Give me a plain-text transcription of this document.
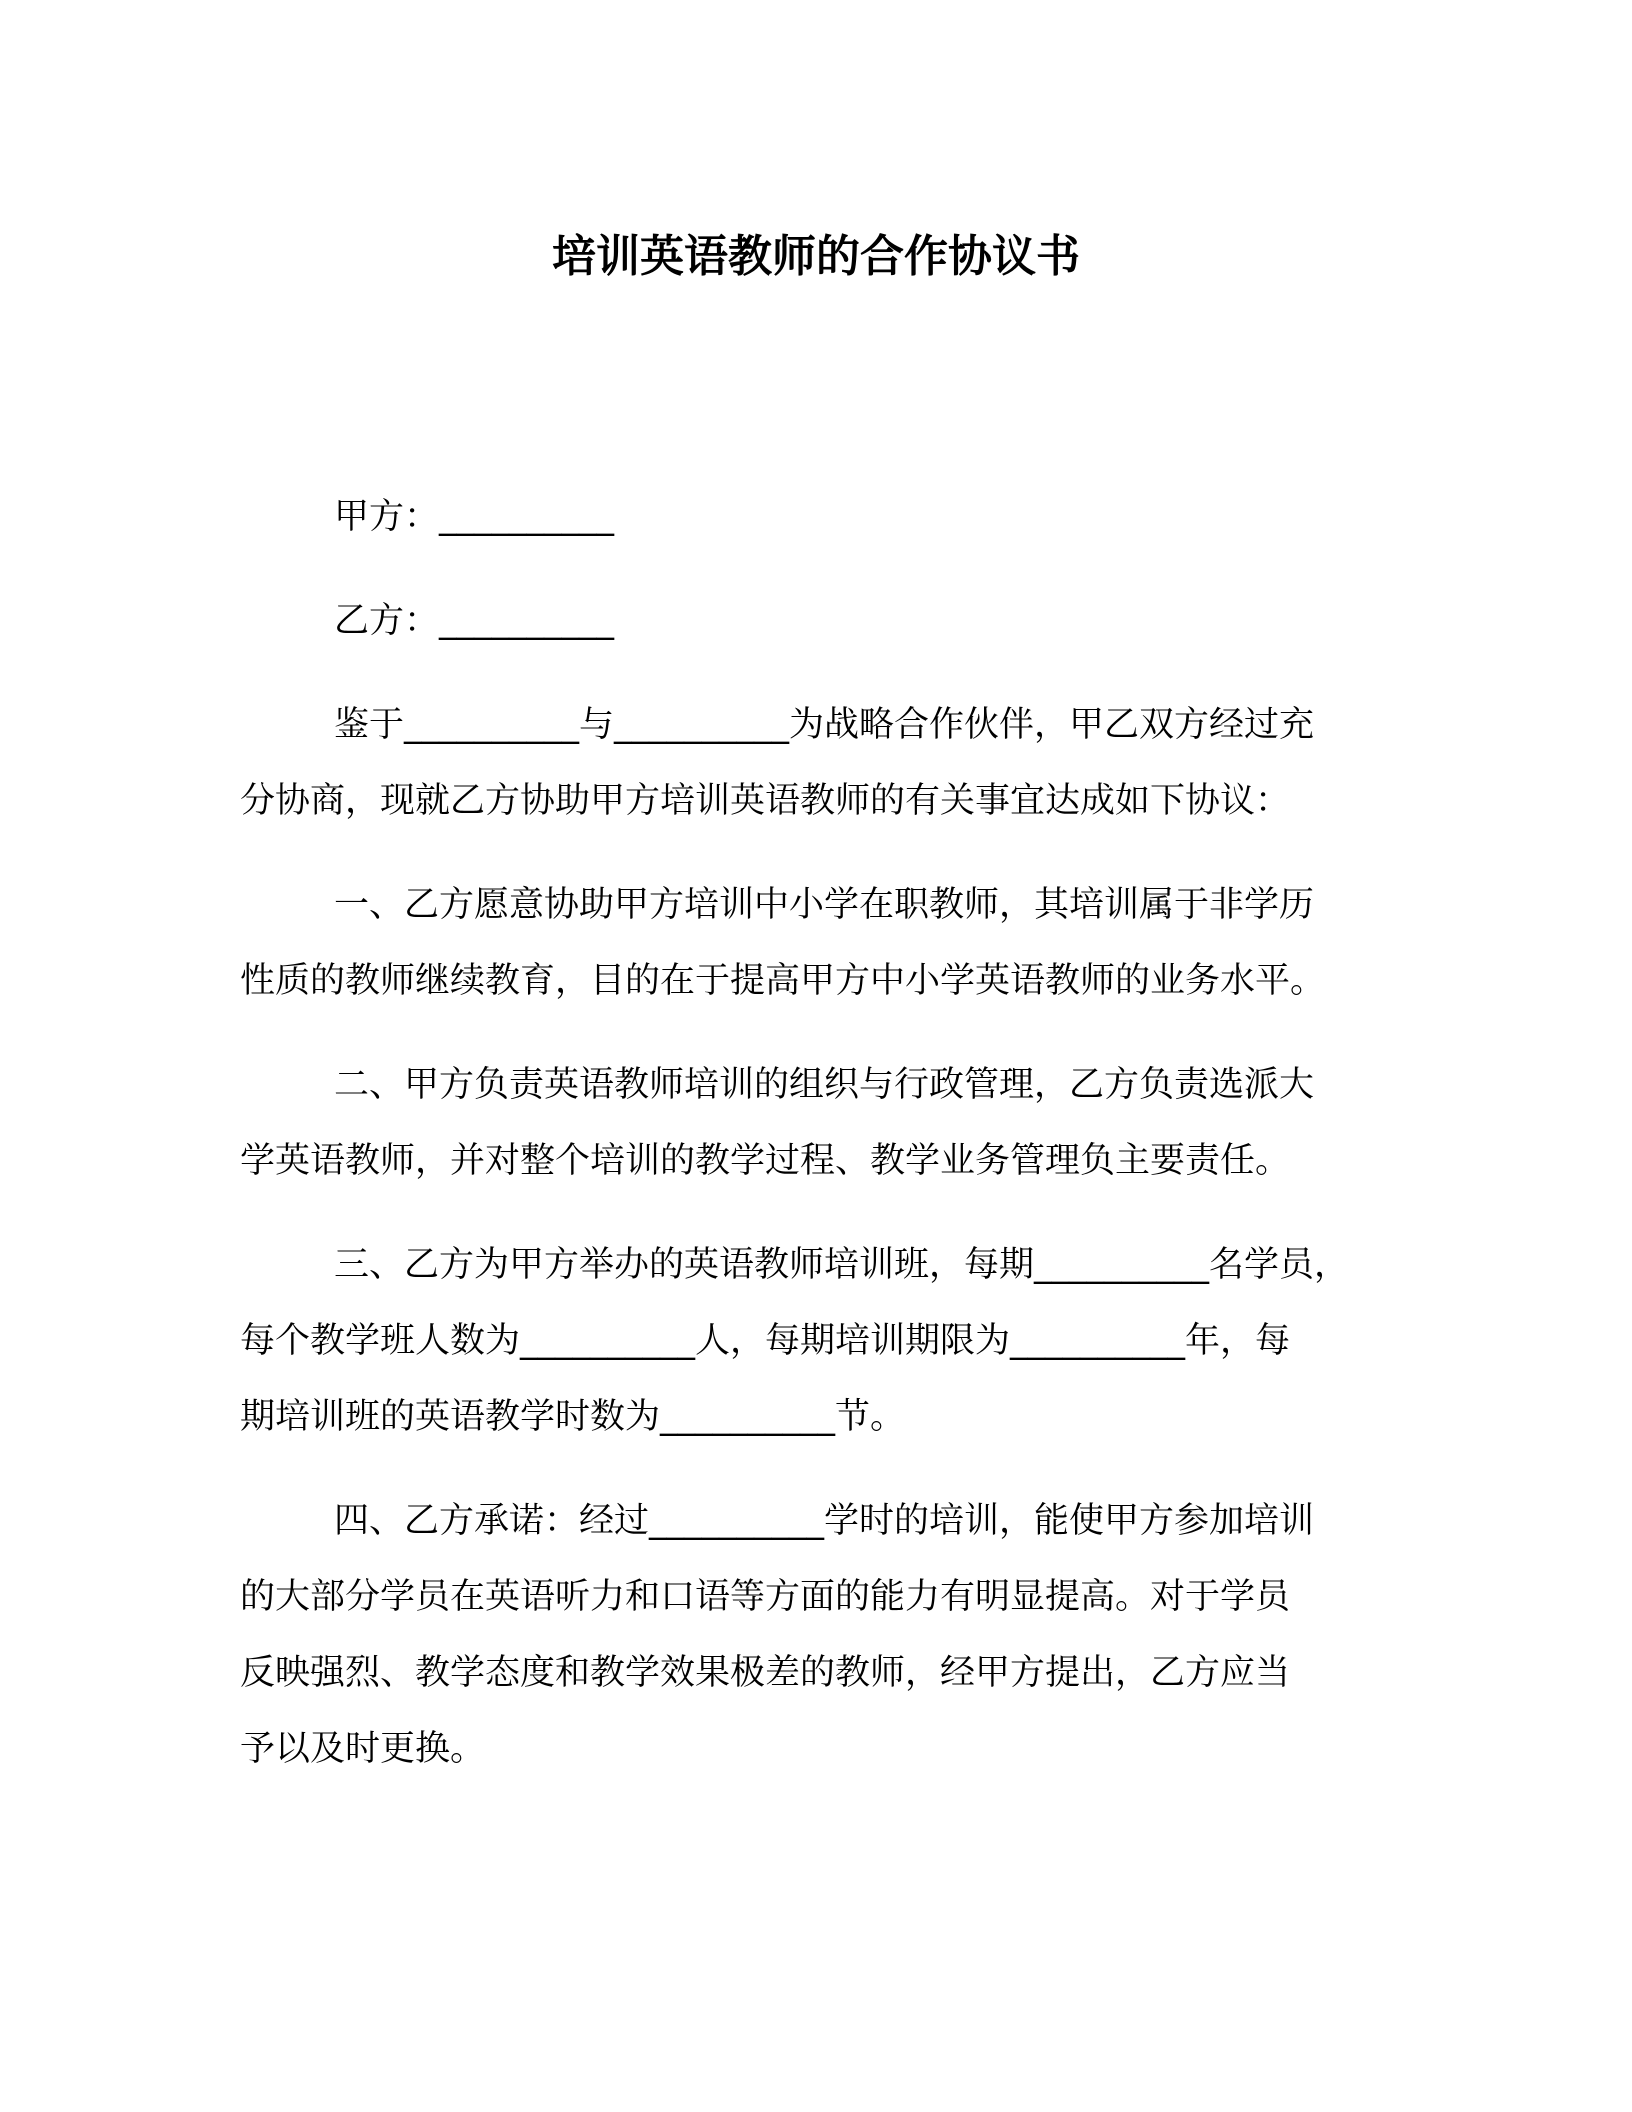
培训英语教师的合作协议书
甲方：__________
乙方：__________
鉴于__________与__________为战略合作伙伴，甲乙双方经过充
分协商，现就乙方协助甲方培训英语教师的有关事宜达成如下协议：
一、乙方愿意协助甲方培训中小学在职教师，其培训属于非学历
性质的教师继续教育，目的在于提高甲方中小学英语教师的业务水平。
二、甲方负责英语教师培训的组织与行政管理，乙方负责选派大
学英语教师，并对整个培训的教学过程、教学业务管理负主要责任。
三、乙方为甲方举办的英语教师培训班，每期__________名学员，
每个教学班人数为__________人，每期培训期限为__________年，每
期培训班的英语教学时数为__________节。
四、乙方承诺：经过__________学时的培训，能使甲方参加培训
的大部分学员在英语听力和口语等方面的能力有明显提高。对于学员
反映强烈、教学态度和教学效果极差的教师，经甲方提出，乙方应当
予以及时更换。
